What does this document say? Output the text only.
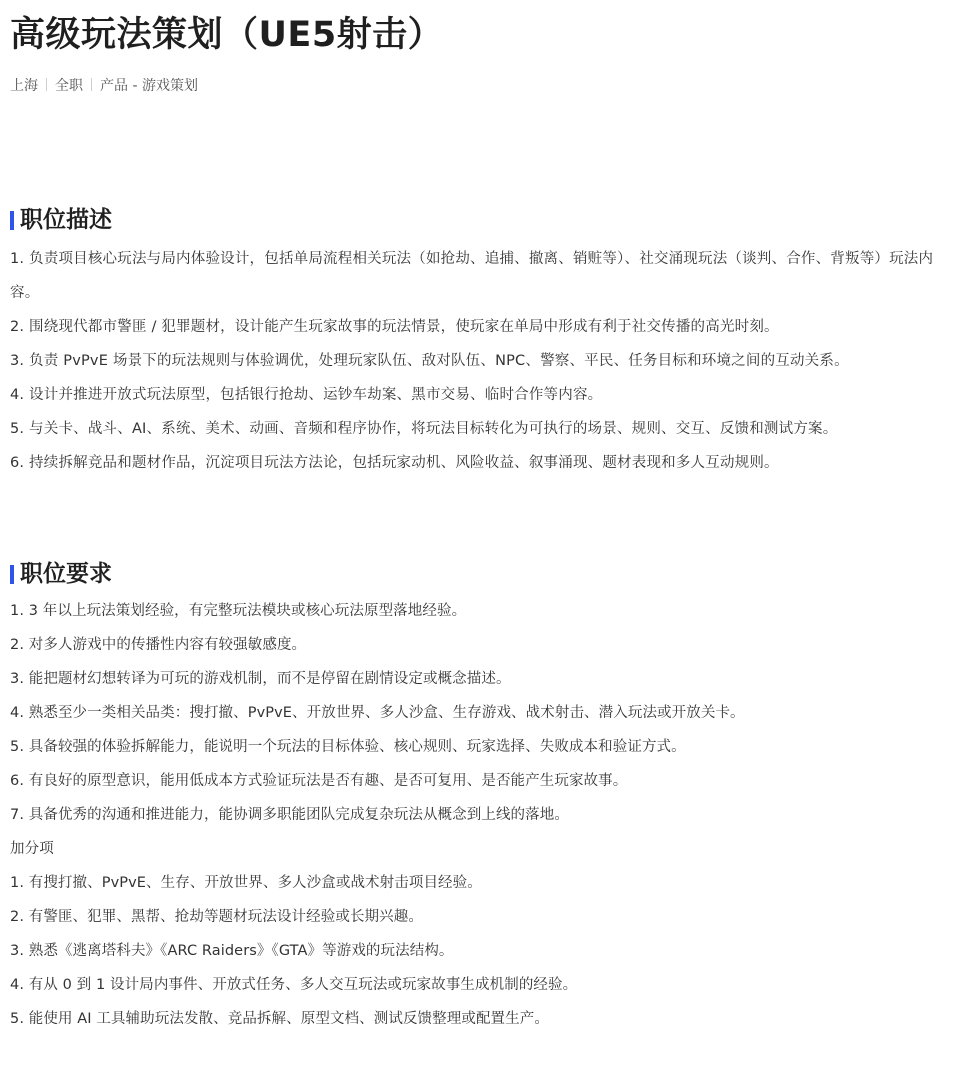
高级玩法策划（UE5射击）
上海 全职 产品 - 游戏策划
职位描述
1. 负责项目核心玩法与局内体验设计，包括单局流程相关玩法（如抢劫、追捕、撤离、销赃等）、社交涌现玩法（谈判、合作、背叛等）玩法内容。
2. 围绕现代都市警匪 / 犯罪题材，设计能产生玩家故事的玩法情景，使玩家在单局中形成有利于社交传播的高光时刻。
3. 负责 PvPvE 场景下的玩法规则与体验调优，处理玩家队伍、敌对队伍、NPC、警察、平民、任务目标和环境之间的互动关系。
4. 设计并推进开放式玩法原型，包括银行抢劫、运钞车劫案、黑市交易、临时合作等内容。
5. 与关卡、战斗、AI、系统、美术、动画、音频和程序协作，将玩法目标转化为可执行的场景、规则、交互、反馈和测试方案。
6. 持续拆解竞品和题材作品，沉淀项目玩法方法论，包括玩家动机、风险收益、叙事涌现、题材表现和多人互动规则。
职位要求
1. 3 年以上玩法策划经验，有完整玩法模块或核心玩法原型落地经验。
2. 对多人游戏中的传播性内容有较强敏感度。
3. 能把题材幻想转译为可玩的游戏机制，而不是停留在剧情设定或概念描述。
4. 熟悉至少一类相关品类：搜打撤、PvPvE、开放世界、多人沙盒、生存游戏、战术射击、潜入玩法或开放关卡。
5. 具备较强的体验拆解能力，能说明一个玩法的目标体验、核心规则、玩家选择、失败成本和验证方式。
6. 有良好的原型意识，能用低成本方式验证玩法是否有趣、是否可复用、是否能产生玩家故事。
7. 具备优秀的沟通和推进能力，能协调多职能团队完成复杂玩法从概念到上线的落地。

加分项

1. 有搜打撤、PvPvE、生存、开放世界、多人沙盒或战术射击项目经验。
2. 有警匪、犯罪、黑帮、抢劫等题材玩法设计经验或长期兴趣。
3. 熟悉《逃离塔科夫》《ARC Raiders》《GTA》等游戏的玩法结构。
4. 有从 0 到 1 设计局内事件、开放式任务、多人交互玩法或玩家故事生成机制的经验。
5. 能使用 AI 工具辅助玩法发散、竞品拆解、原型文档、测试反馈整理或配置生产。
